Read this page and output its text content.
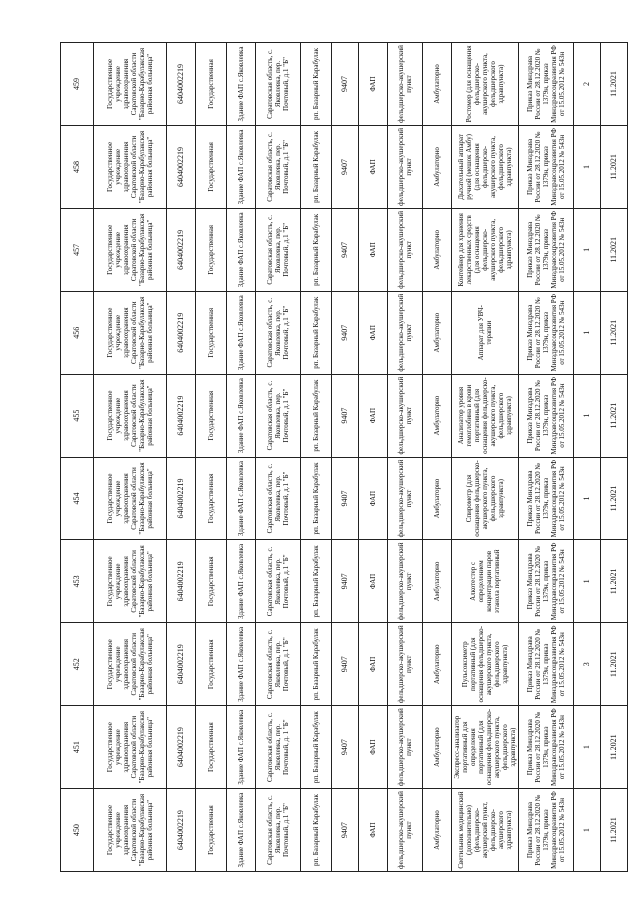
450	451	452	453	454	455	456	457	458	459
Государственное учреждение здравоохранения Саратовской области "Базарно-Карабулакская районная больница"	Государственное учреждение здравоохранения Саратовской области "Базарно-Карабулакская районная больница"	Государственное учреждение здравоохранения Саратовской области "Базарно-Карабулакская районная больница"	Государственное учреждение здравоохранения Саратовской области "Базарно-Карабулакская районная больница"	Государственное учреждение здравоохранения Саратовской области "Базарно-Карабулакская районная больница"	Государственное учреждение здравоохранения Саратовской области "Базарно-Карабулакская районная больница"	Государственное учреждение здравоохранения Саратовской области "Базарно-Карабулакская районная больница"	Государственное учреждение здравоохранения Саратовской области "Базарно-Карабулакская районная больница"	Государственное учреждение здравоохранения Саратовской области "Базарно-Карабулакская районная больница"	Государственное учреждение здравоохранения Саратовской области "Базарно-Карабулакская районная больница"
6404002219	6404002219	6404002219	6404002219	6404002219	6404002219	6404002219	6404002219	6404002219	6404002219
Государственная	Государственная	Государственная	Государственная	Государственная	Государственная	Государственная	Государственная	Государственная	Государственная
Здание ФАП с.Яковлевка	Здание ФАП с.Яковлевка	Здание ФАП с.Яковлевка	Здание ФАП с.Яковлевка	Здание ФАП с.Яковлевка	Здание ФАП с.Яковлевка	Здание ФАП с.Яковлевка	Здание ФАП с.Яковлевка	Здание ФАП с.Яковлевка	Здание ФАП с.Яковлевка
Саратовская область, с. Яковлевка, пер. Почтовый, д.1 "Б"	Саратовская область, с. Яковлевка, пер. Почтовый, д. 1 "Б"	Саратовская область, с. Яковлевка, пер. Почтовый, д.1 "Б"	Саратовская область, с. Яковлевка, пер. Почтовый, д.1 "Б"	Саратовская область, с. Яковлевка, пер. Почтовый, д.1 "Б"	Саратовская область, с. Яковлевка, пер. Почтовый, д.1 "Б"	Саратовская область, с. Яковлевка, пер. Почтовый, д.1 "Б"	Саратовская область, с. Яковлевка, пер. Почтовый, д.1 "Б"	Саратовская область, с. Яковлевка, пер. Почтовый, д.1 "Б"	Саратовская область, с. Яковлевка, пер. Почтовый, д.1 "Б"
рп. Базарный Карабулак	рп. Базарный Карабулак	рп. Базарный Карабулак	рп. Базарный Карабулак	рп. Базарный Карабулак	рп. Базарный Карабулак	рп. Базарный Карабулак	рп. Базарный Карабулак	рп. Базарный Карабулак	рп. Базарный Карабулак
9407	9407	9407	9407	9407	9407	9407	9407	9407	9407
ФАП	ФАП	ФАП	ФАП	ФАП	ФАП	ФАП	ФАП	ФАП	ФАП
фельдшерско-акушерский пункт	фельдшерско-акушерский пункт	фельдшерско-акушерский пункт	фельдшерско-акушерский пункт	фельдшерско-акушерский пункт	фельдшерско-акушерский пункт	фельдшерско-акушерский пункт	фельдшерско-акушерский пункт	фельдшерско-акушерский пункт	фельдшерско-акушерский пункт
Амбулаторно	Амбулаторно	Амбулаторно	Амбулаторно	Амбулаторно	Амбулаторно	Амбулаторно	Амбулаторно	Амбулаторно	Амбулаторно
Светильник медицинский (дополнительно) (фельдшерско-акушерский пункт, фельдшерско-акушерского здравпункта)	Экспресс-анализатор портативный для определения портативный (для оснащения фельдшерско-акушерского пункта, фельдшерского здравпункта)	Пульсоксиметр портативный (для оснащения фельдшерско-акушерского пункта, фельдшерского здравпункта)	Алкотестер с определением концентрации паров этанола портативный	Спирометр (для оснащения фельдшерско-акушерского пункта, фельдшерского здравпункта)	Анализатор уровня гемоглобина в крови портативный (для оснащения фельдшерско-акушерского пункта, фельдшерского здравпункта)	Аппарат для УВЧ-терапии	Контейнер для хранения лекарственных средств (для оснащения фельдшерско-акушерского пункта, фельдшерского здравпункта)	Дыхательный аппарат ручной (мешок Амбу) (для оснащения фельдшерско-акушерского пункта, фельдшерского здравпункта)	Ростомер (для оснащения фельдшерско-акушерского пункта, фельдшерского здравпункта)
Приказ Минздрава России от 28.12.2020 № 1379н, приказ Минздравсоцразвития РФ от 15.05.2012 № 543н	Приказ Минздрава России от 28.12.2020 № 1379н, приказ Минздравсоцразвития РФ от 15.05.2012 № 543н	Приказ Минздрава России от 28.12.2020 № 1379н, приказ Минздравсоцразвития РФ от 15.05.2012 № 543н	Приказ Минздрава России от 28.12.2020 № 1379н, приказ Минздравсоцразвития РФ от 15.05.2012 № 543н	Приказ Минздрава России от 28.12.2020 № 1379н, приказ Минздравсоцразвития РФ от 15.05.2012 № 543н	Приказ Минздрава России от 28.12.2020 № 1379н, приказ Минздравсоцразвития РФ от 15.05.2012 № 543н	Приказ Минздрава России от 28.12.2020 № 1379н, приказ Минздравсоцразвития РФ от 15.05.2012 № 543н	Приказ Минздрава России от 28.12.2020 № 1379н, приказ Минздравсоцразвития РФ от 15.05.2012 № 543н	Приказ Минздрава России от 28.12.2020 № 1379н, приказ Минздравсоцразвития РФ от 15.05.2012 № 543н	Приказ Минздрава России от 28.12.2020 № 1379н, приказ Минздравсоцразвития РФ от 15.05.2012 № 543н
1	1	3	1	1	1	1	1	1	2
11.2021	11.2021	11.2021	11.2021	11.2021	11.2021	11.2021	11.2021	11.2021	11.2021
